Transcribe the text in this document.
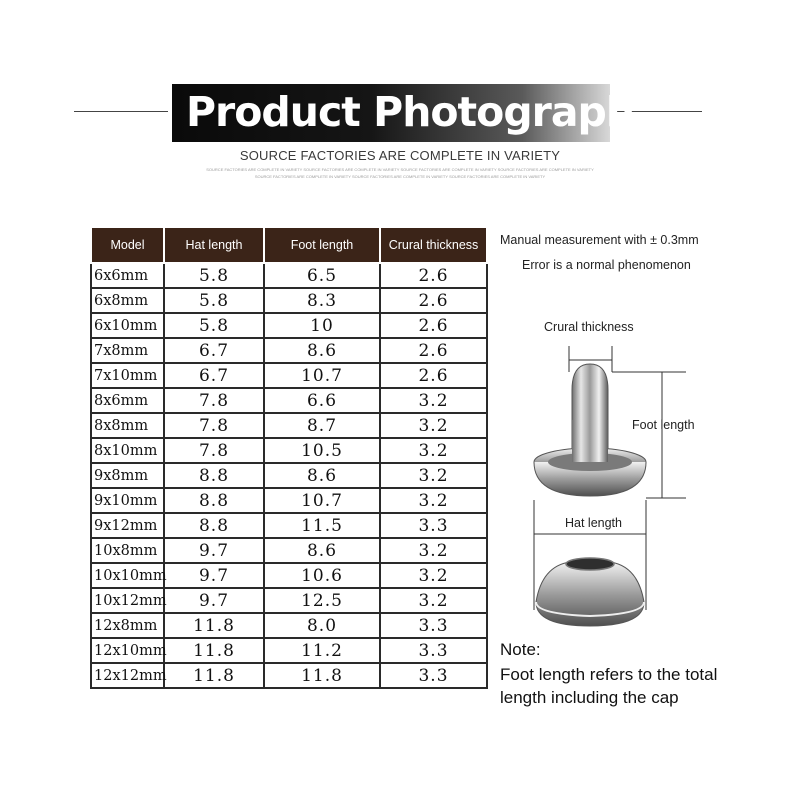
Product Photograph
SOURCE FACTORIES ARE COMPLETE IN VARIETY
SOURCE FACTORIES ARE COMPLETE IN VARIETY SOURCE FACTORIES ARE COMPLETE IN VARIETY SOURCE FACTORIES ARE COMPLETE IN VARIETY SOURCE FACTORIES ARE COMPLETE IN VARIETY
SOURCE FACTORIES ARE COMPLETE IN VARIETY SOURCE FACTORIES ARE COMPLETE IN VARIETY SOURCE FACTORIES ARE COMPLETE IN VARIETY
Model	Hat length	Foot length	Crural thickness
6x6mm	5.8	6.5	2.6
6x8mm	5.8	8.3	2.6
6x10mm	5.8	10	2.6
7x8mm	6.7	8.6	2.6
7x10mm	6.7	10.7	2.6
8x6mm	7.8	6.6	3.2
8x8mm	7.8	8.7	3.2
8x10mm	7.8	10.5	3.2
9x8mm	8.8	8.6	3.2
9x10mm	8.8	10.7	3.2
9x12mm	8.8	11.5	3.3
10x8mm	9.7	8.6	3.2
10x10mm	9.7	10.6	3.2
10x12mm	9.7	12.5	3.2
12x8mm	11.8	8.0	3.3
12x10mm	11.8	11.2	3.3
12x12mm	11.8	11.8	3.3
Manual measurement with ± 0.3mm
Error is a normal phenomenon
Crural thickness
Foot length
Hat length
Note:
Foot length refers to the total
length including the cap
